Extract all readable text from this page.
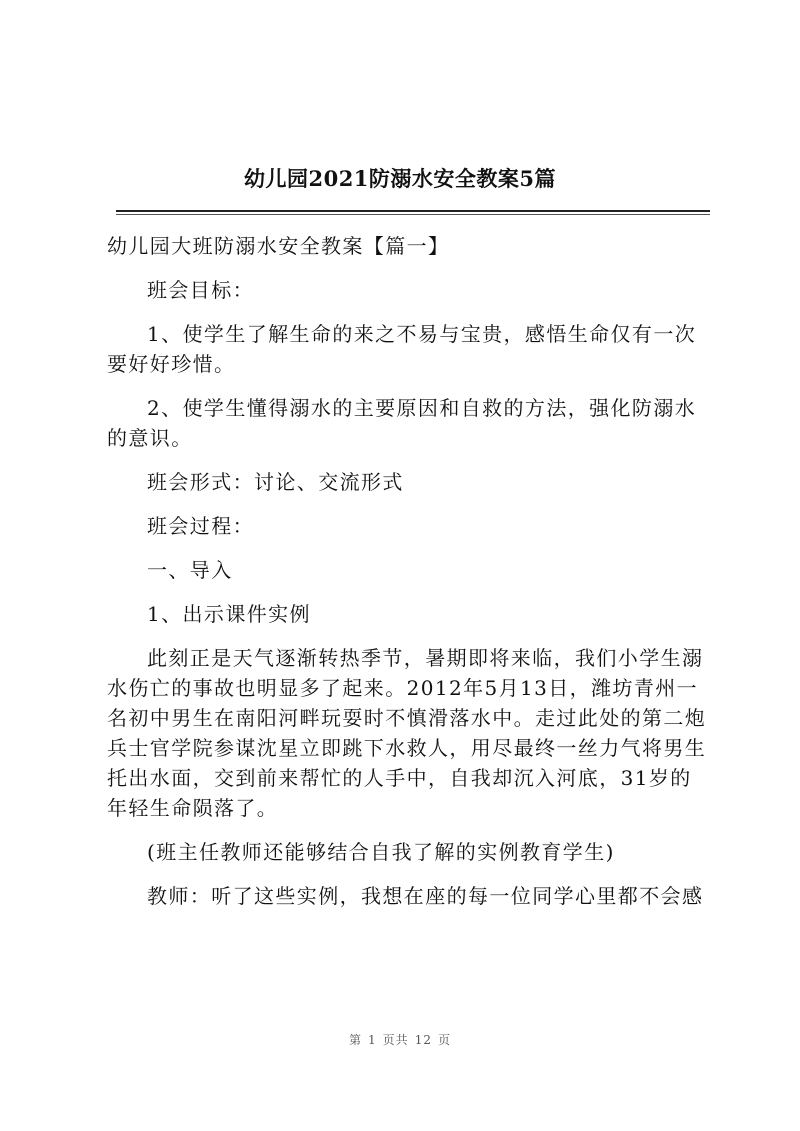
幼儿园2021防溺水安全教案5篇

幼儿园大班防溺水安全教案【篇一】

班会目标：

1、使学生了解生命的来之不易与宝贵，感悟生命仅有一次要好好珍惜。

2、使学生懂得溺水的主要原因和自救的方法，强化防溺水的意识。

班会形式：讨论、交流形式

班会过程：

一、导入

1、出示课件实例

此刻正是天气逐渐转热季节，暑期即将来临，我们小学生溺水伤亡的事故也明显多了起来。2012年5月13日，潍坊青州一名初中男生在南阳河畔玩耍时不慎滑落水中。走过此处的第二炮兵士官学院参谋沈星立即跳下水救人，用尽最终一丝力气将男生托出水面，交到前来帮忙的人手中，自我却沉入河底，31岁的年轻生命陨落了。

(班主任教师还能够结合自我了解的实例教育学生)

教师：听了这些实例，我想在座的每一位同学心里都不会感

第 1 页共 12 页
